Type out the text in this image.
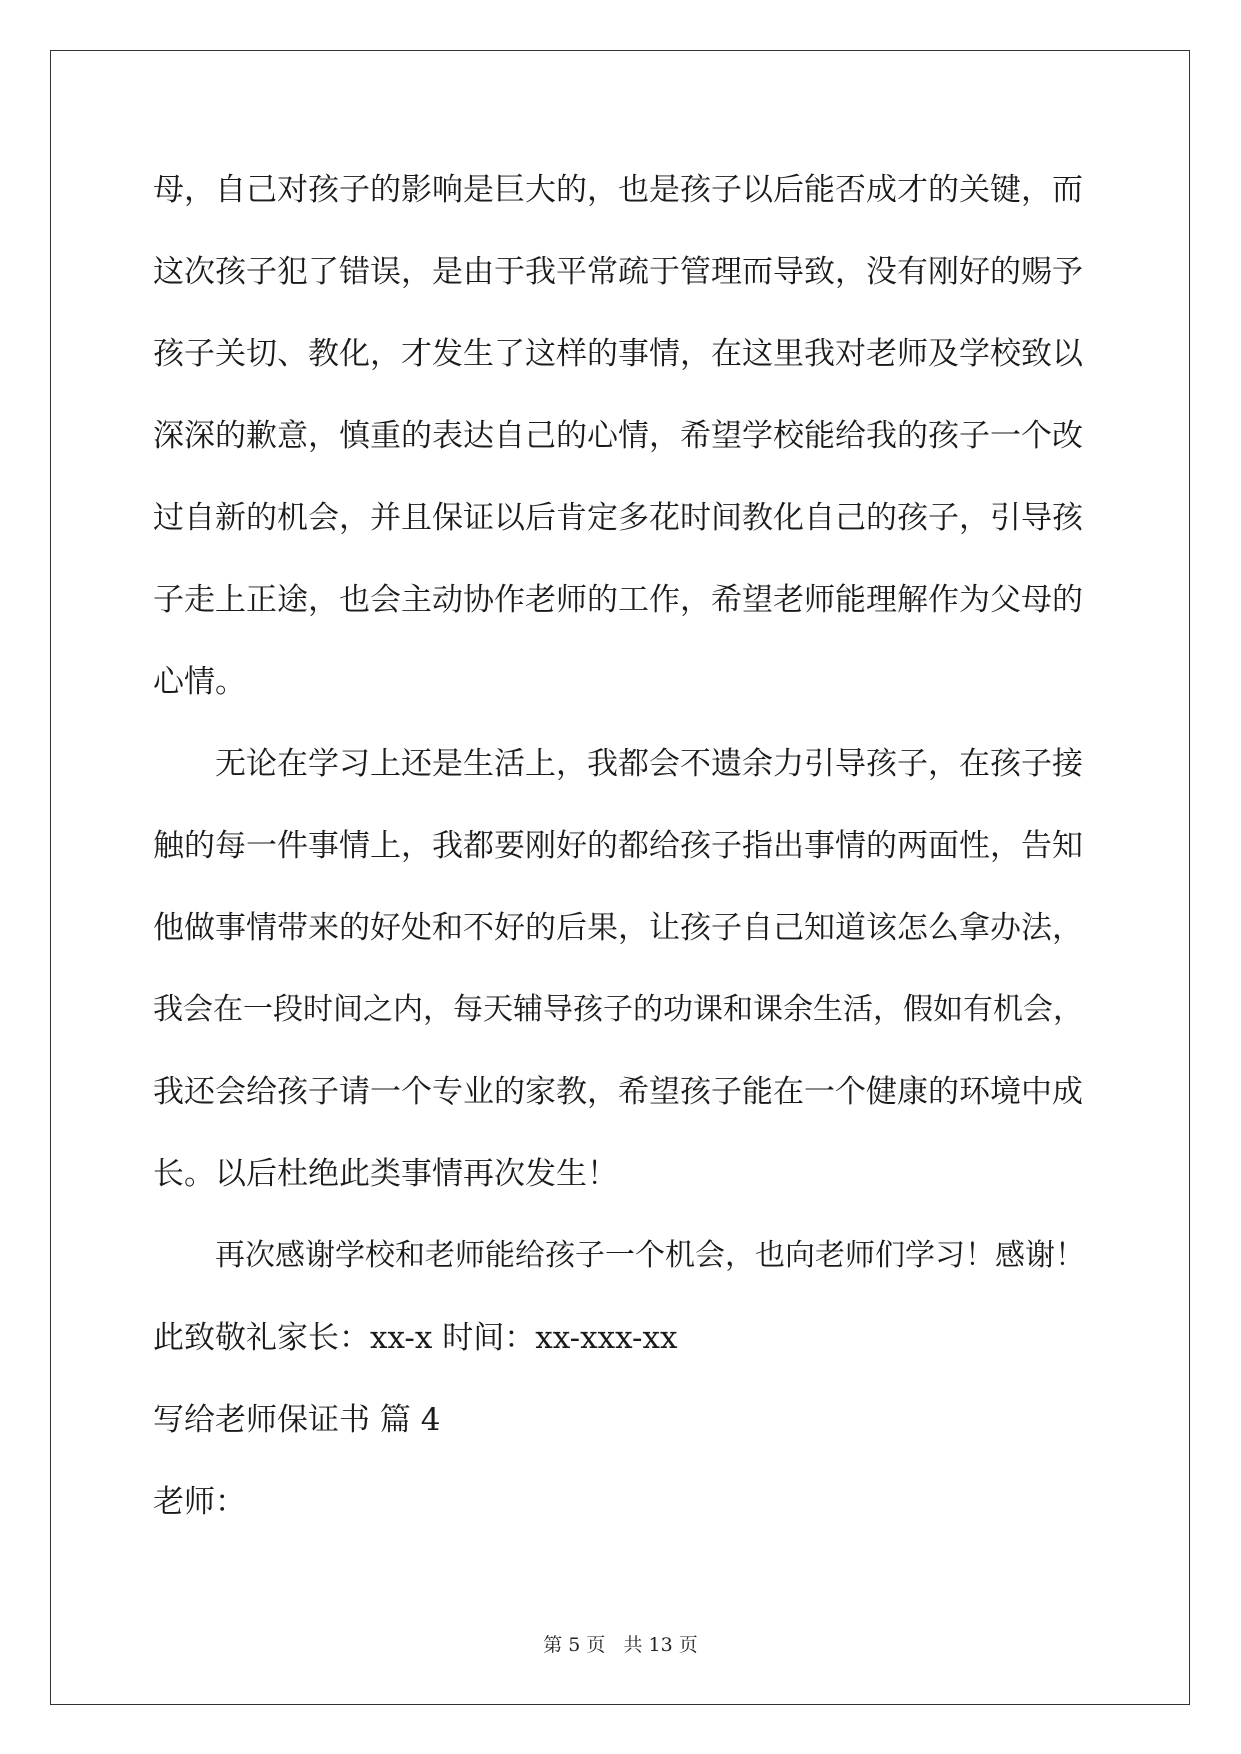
母，自己对孩子的影响是巨大的，也是孩子以后能否成才的关键，而
这次孩子犯了错误，是由于我平常疏于管理而导致，没有刚好的赐予
孩子关切、教化，才发生了这样的事情，在这里我对老师及学校致以
深深的歉意，慎重的表达自己的心情，希望学校能给我的孩子一个改
过自新的机会，并且保证以后肯定多花时间教化自己的孩子，引导孩
子走上正途，也会主动协作老师的工作，希望老师能理解作为父母的
心情。
无论在学习上还是生活上，我都会不遗余力引导孩子，在孩子接
触的每一件事情上，我都要刚好的都给孩子指出事情的两面性，告知
他做事情带来的好处和不好的后果，让孩子自己知道该怎么拿办法，
我会在一段时间之内，每天辅导孩子的功课和课余生活，假如有机会，
我还会给孩子请一个专业的家教，希望孩子能在一个健康的环境中成
长。以后杜绝此类事情再次发生！
再次感谢学校和老师能给孩子一个机会，也向老师们学习！感谢！
此致敬礼家长：xx-x 时间：xx-xxx-xx
写给老师保证书 篇 4
老师：
第 5 页 共 13 页
